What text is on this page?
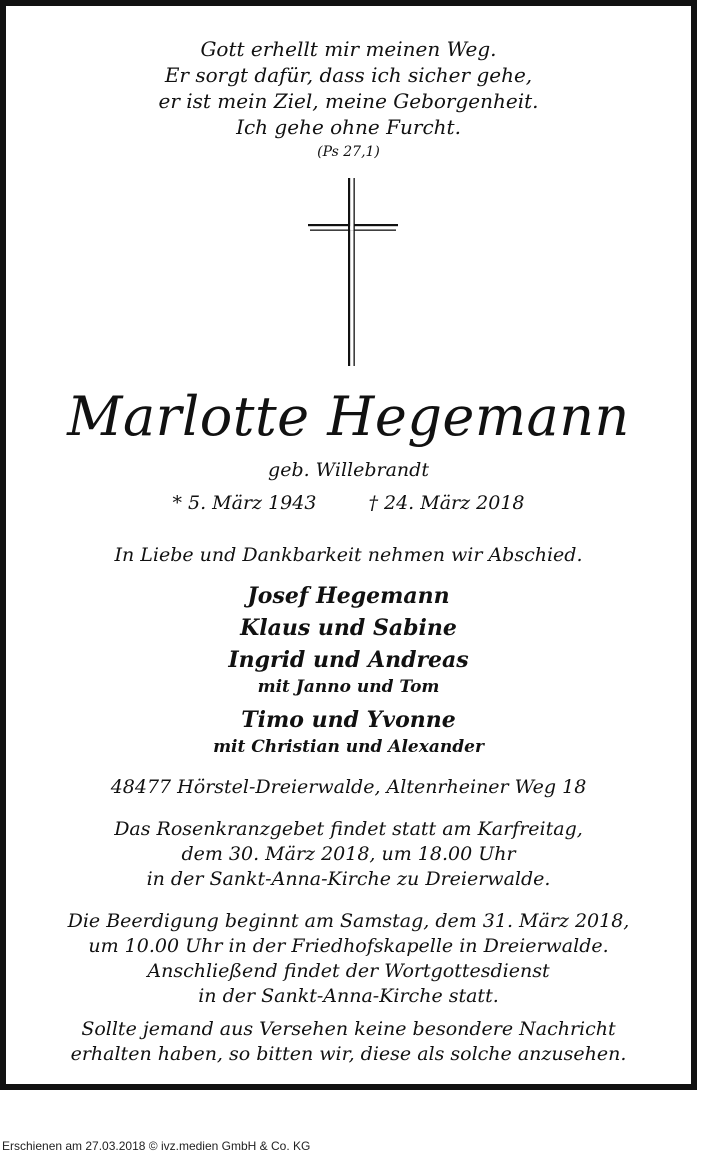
Gott erhellt mir meinen Weg.
Er sorgt dafür, dass ich sicher gehe,
er ist mein Ziel, meine Geborgenheit.
Ich gehe ohne Furcht.
(Ps 27,1)
Marlotte Hegemann
geb. Willebrandt
* 5. März 1943	† 24. März 2018
In Liebe und Dankbarkeit nehmen wir Abschied.
Josef Hegemann
Klaus und Sabine
Ingrid und Andreas
mit Janno und Tom
Timo und Yvonne
mit Christian und Alexander
48477 Hörstel-Dreierwalde, Altenrheiner Weg 18
Das Rosenkranzgebet findet statt am Karfreitag,
dem 30. März 2018, um 18.00 Uhr
in der Sankt-Anna-Kirche zu Dreierwalde.
Die Beerdigung beginnt am Samstag, dem 31. März 2018,
um 10.00 Uhr in der Friedhofskapelle in Dreierwalde.
Anschließend findet der Wortgottesdienst
in der Sankt-Anna-Kirche statt.
Sollte jemand aus Versehen keine besondere Nachricht
erhalten haben, so bitten wir, diese als solche anzusehen.
Erschienen am 27.03.2018 © ivz.medien GmbH & Co. KG
